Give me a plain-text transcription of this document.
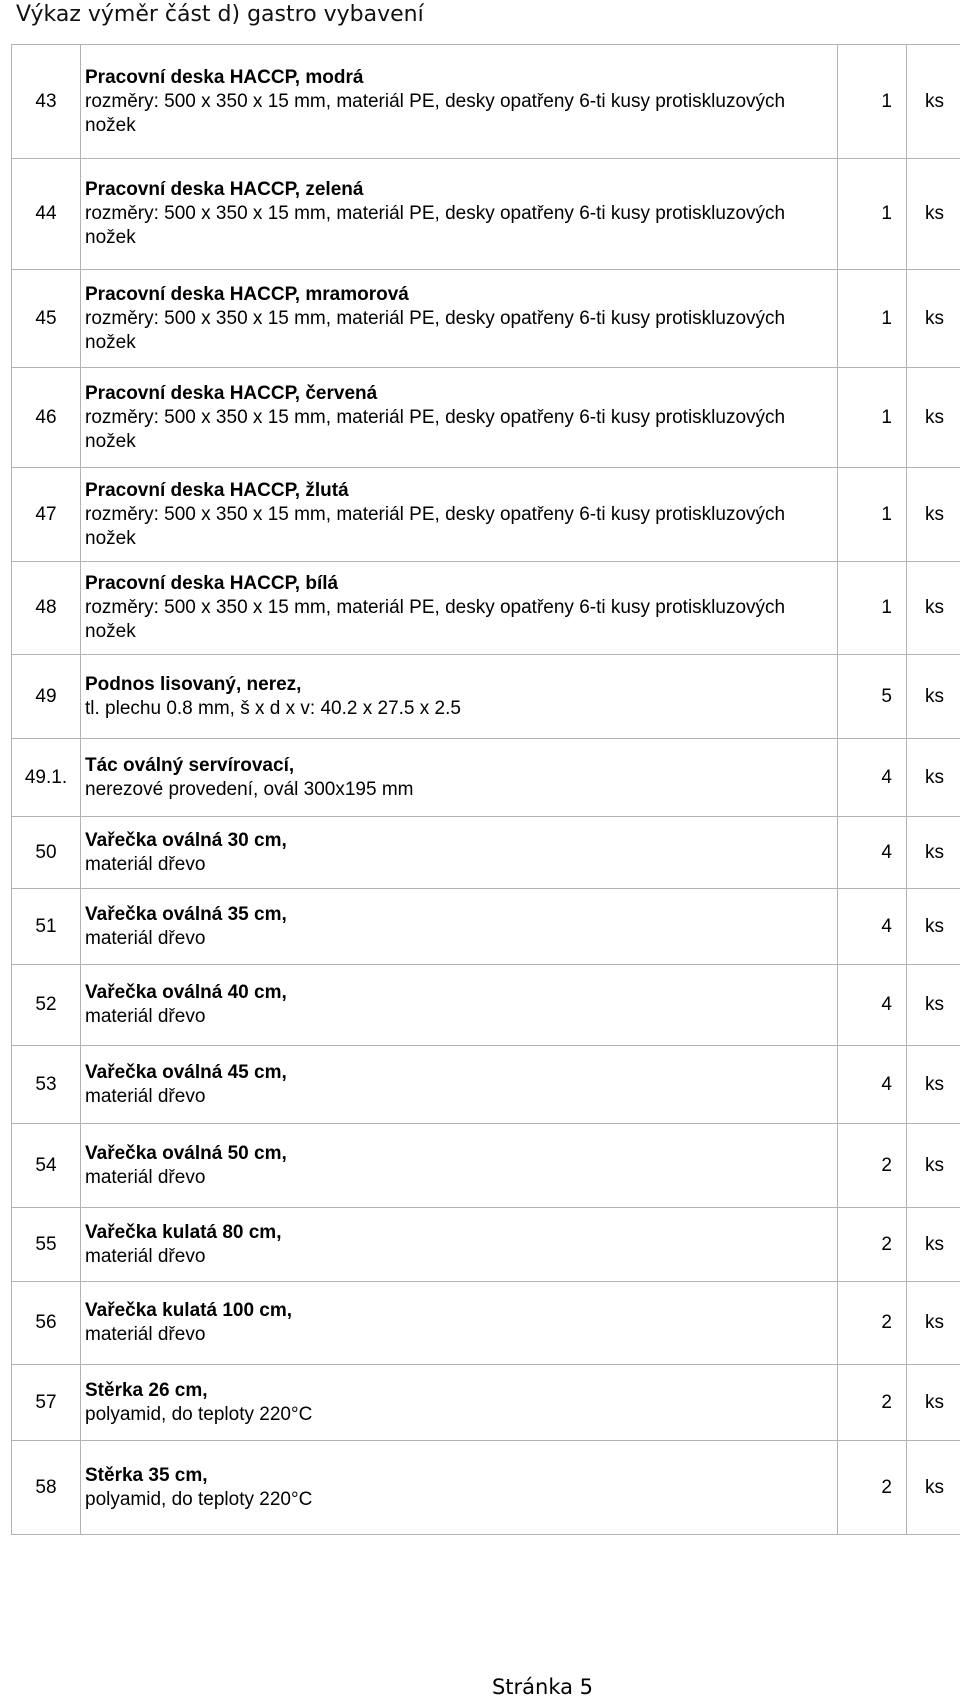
Výkaz výměr část d) gastro vybavení
43	Pracovní deska HACCP, modrá
rozměry: 500 x 350 x 15 mm, materiál PE, desky opatřeny 6-ti kusy protiskluzových nožek	1	ks
44	Pracovní deska HACCP, zelená
rozměry: 500 x 350 x 15 mm, materiál PE, desky opatřeny 6-ti kusy protiskluzových nožek	1	ks
45	Pracovní deska HACCP, mramorová
rozměry: 500 x 350 x 15 mm, materiál PE, desky opatřeny 6-ti kusy protiskluzových nožek	1	ks
46	Pracovní deska HACCP, červená
rozměry: 500 x 350 x 15 mm, materiál PE, desky opatřeny 6-ti kusy protiskluzových nožek	1	ks
47	Pracovní deska HACCP, žlutá
rozměry: 500 x 350 x 15 mm, materiál PE, desky opatřeny 6-ti kusy protiskluzových nožek	1	ks
48	Pracovní deska HACCP, bílá
rozměry: 500 x 350 x 15 mm, materiál PE, desky opatřeny 6-ti kusy protiskluzových nožek	1	ks
49	Podnos lisovaný, nerez,
tl. plechu 0.8 mm, š x d x v: 40.2 x 27.5 x 2.5	5	ks
49.1.	Tác oválný servírovací,
nerezové provedení, ovál 300x195 mm	4	ks
50	Vařečka oválná 30 cm,
materiál dřevo	4	ks
51	Vařečka oválná 35 cm,
materiál dřevo	4	ks
52	Vařečka oválná 40 cm,
materiál dřevo	4	ks
53	Vařečka oválná 45 cm,
materiál dřevo	4	ks
54	Vařečka oválná 50 cm,
materiál dřevo	2	ks
55	Vařečka kulatá 80 cm,
materiál dřevo	2	ks
56	Vařečka kulatá 100 cm,
materiál dřevo	2	ks
57	Stěrka 26 cm,
polyamid, do teploty 220°C	2	ks
58	Stěrka 35 cm,
polyamid, do teploty 220°C	2	ks
Stránka 5
